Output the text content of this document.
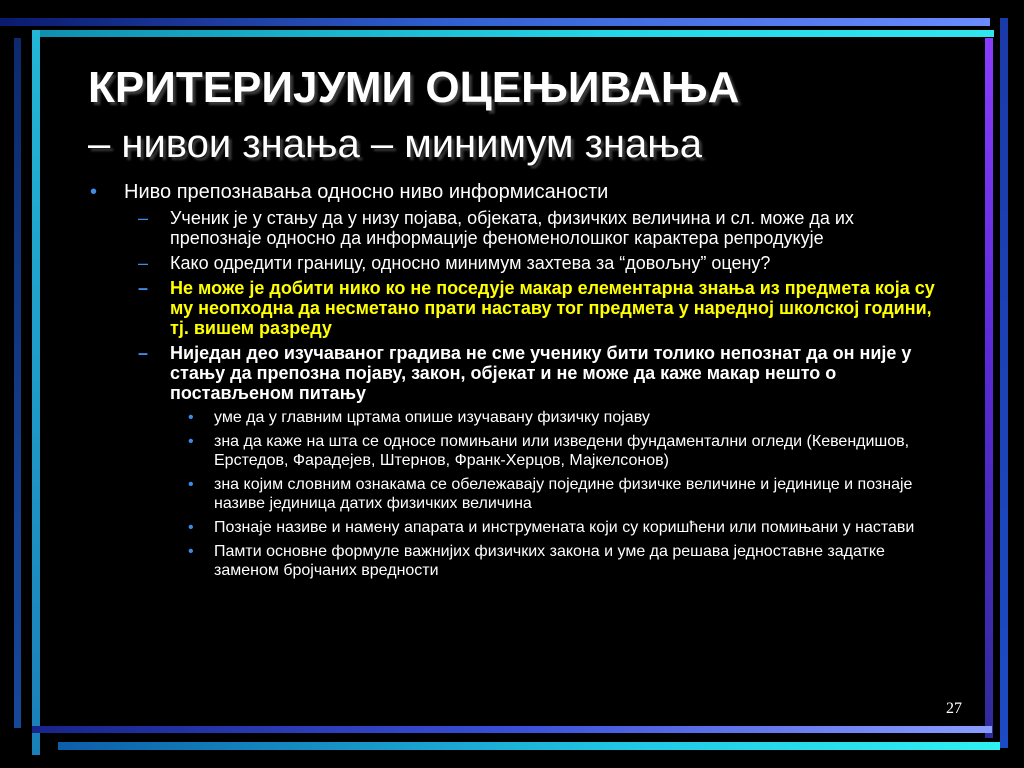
КРИТЕРИЈУМИ ОЦЕЊИВАЊА
– нивои знања – минимум знања
• Ниво препознавања односно ниво информисаности
– Ученик је у стању да у низу појава, објеката, физичких величина и сл. може да их препознаје односно да информације феноменолошког карактера репродукује
– Како одредити границу, односно минимум захтева за “довољну” оцену?
– Не може је добити нико ко не поседује макар елементарна знања из предмета која су му неопходна да несметано прати наставу тог предмета у наредној школској години, тј. вишем разреду
– Ниједан део изучаваног градива не сме ученику бити толико непознат да он није у стању да препозна појаву, закон, објекат и не може да каже макар нешто о постављеном питању
• уме да у главним цртама опише изучавану физичку појаву
• зна да каже на шта се односе помињани или изведени фундаментални огледи (Кевендишов, Ерстедов, Фарадејев, Штернов, Франк-Херцов, Мајкелсонов)
• зна којим словним ознакама се обележавају поједине физичке величине и јединице и познаје називе јединица датих физичких величина
• Познаје називе и намену апарата и инструмената који су коришћени или помињани у настави
• Памти основне формуле важнијих физичких закона и уме да решава једноставне задатке заменом бројчаних вредности
27
